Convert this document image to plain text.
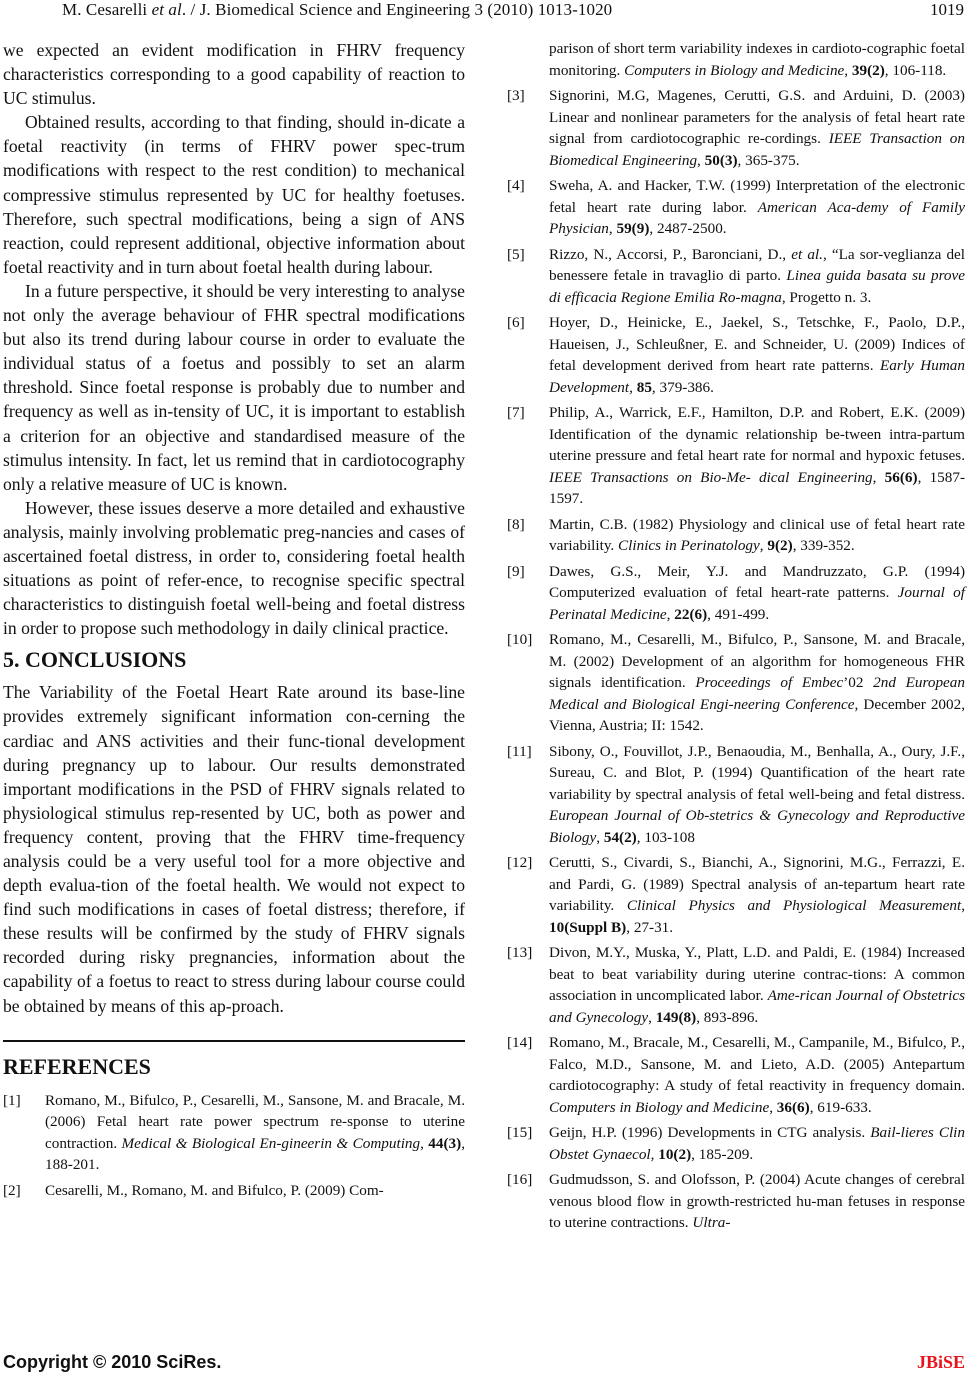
M. Cesarelli et al. / J. Biomedical Science and Engineering 3 (2010) 1013-1020	1019

we expected an evident modification in FHRV frequency characteristics corresponding to a good capability of reaction to UC stimulus.

Obtained results, according to that finding, should in-dicate a foetal reactivity (in terms of FHRV power spec-trum modifications with respect to the rest condition) to mechanical compressive stimulus represented by UC for healthy foetuses. Therefore, such spectral modifications, being a sign of ANS reaction, could represent additional, objective information about foetal reactivity and in turn about foetal health during labour.

In a future perspective, it should be very interesting to analyse not only the average behaviour of FHR spectral modifications but also its trend during labour course in order to evaluate the individual status of a foetus and possibly to set an alarm threshold. Since foetal response is probably due to number and frequency as well as in-tensity of UC, it is important to establish a criterion for an objective and standardised measure of the stimulus intensity. In fact, let us remind that in cardiotocography only a relative measure of UC is known.

However, these issues deserve a more detailed and exhaustive analysis, mainly involving problematic preg-nancies and cases of ascertained foetal distress, in order to, considering foetal health situations as point of refer-ence, to recognise specific spectral characteristics to distinguish foetal well-being and foetal distress in order to propose such methodology in daily clinical practice.

5. CONCLUSIONS

The Variability of the Foetal Heart Rate around its base-line provides extremely significant information con-cerning the cardiac and ANS activities and their func-tional development during pregnancy up to labour. Our results demonstrated important modifications in the PSD of FHRV signals related to physiological stimulus rep-resented by UC, both as power and frequency content, proving that the FHRV time-frequency analysis could be a very useful tool for a more objective and depth evalua-tion of the foetal health. We would not expect to find such modifications in cases of foetal distress; therefore, if these results will be confirmed by the study of FHRV signals recorded during risky pregnancies, information about the capability of a foetus to react to stress during labour course could be obtained by means of this ap-proach.

REFERENCES
[1]	Romano, M., Bifulco, P., Cesarelli, M., Sansone, M. and Bracale, M. (2006) Fetal heart rate power spectrum re-sponse to uterine contraction. Medical & Biological En-gineerin & Computing, 44(3), 188-201.
[2]	Cesarelli, M., Romano, M. and Bifulco, P. (2009) Com-
parison of short term variability indexes in cardioto-cographic foetal monitoring. Computers in Biology and Medicine, 39(2), 106-118.
[3]	Signorini, M.G, Magenes, Cerutti, G.S. and Arduini, D. (2003) Linear and nonlinear parameters for the analysis of fetal heart rate signal from cardiotocographic re-cordings. IEEE Transaction on Biomedical Engineering, 50(3), 365-375.
[4]	Sweha, A. and Hacker, T.W. (1999) Interpretation of the electronic fetal heart rate during labor. American Aca-demy of Family Physician, 59(9), 2487-2500.
[5]	Rizzo, N., Accorsi, P., Baronciani, D., et al., “La sor-veglianza del benessere fetale in travaglio di parto. Linea guida basata su prove di efficacia Regione Emilia Ro-magna, Progetto n. 3.
[6]	Hoyer, D., Heinicke, E., Jaekel, S., Tetschke, F., Paolo, D.P., Haueisen, J., Schleußner, E. and Schneider, U. (2009) Indices of fetal development derived from heart rate patterns. Early Human Development, 85, 379-386.
[7]	Philip, A., Warrick, E.F., Hamilton, D.P. and Robert, E.K. (2009) Identification of the dynamic relationship be-tween intra-partum uterine pressure and fetal heart rate for normal and hypoxic fetuses. IEEE Transactions on Bio-Me- dical Engineering, 56(6), 1587-1597.
[8]	Martin, C.B. (1982) Physiology and clinical use of fetal heart rate variability. Clinics in Perinatology, 9(2), 339-352.
[9]	Dawes, G.S., Meir, Y.J. and Mandruzzato, G.P. (1994) Computerized evaluation of fetal heart-rate patterns. Journal of Perinatal Medicine, 22(6), 491-499.
[10]	Romano, M., Cesarelli, M., Bifulco, P., Sansone, M. and Bracale, M. (2002) Development of an algorithm for homogeneous FHR signals identification. Proceedings of Embec’02 2nd European Medical and Biological Engi-neering Conference, December 2002, Vienna, Austria; II: 1542.
[11]	Sibony, O., Fouvillot, J.P., Benaoudia, M., Benhalla, A., Oury, J.F., Sureau, C. and Blot, P. (1994) Quantification of the heart rate variability by spectral analysis of fetal well-being and fetal distress. European Journal of Ob-stetrics & Gynecology and Reproductive Biology, 54(2), 103-108
[12]	Cerutti, S., Civardi, S., Bianchi, A., Signorini, M.G., Ferrazzi, E. and Pardi, G. (1989) Spectral analysis of an-tepartum heart rate variability. Clinical Physics and Physiological Measurement, 10(Suppl B), 27-31.
[13]	Divon, M.Y., Muska, Y., Platt, L.D. and Paldi, E. (1984) Increased beat to beat variability during uterine contrac-tions: A common association in uncomplicated labor. Ame-rican Journal of Obstetrics and Gynecology, 149(8), 893-896.
[14]	Romano, M., Bracale, M., Cesarelli, M., Campanile, M., Bifulco, P., Falco, M.D., Sansone, M. and Lieto, A.D. (2005) Antepartum cardiotocography: A study of fetal reactivity in frequency domain. Computers in Biology and Medicine, 36(6), 619-633.
[15]	Geijn, H.P. (1996) Developments in CTG analysis. Bail-lieres Clin Obstet Gynaecol, 10(2), 185-209.
[16]	Gudmudsson, S. and Olofsson, P. (2004) Acute changes of cerebral venous blood flow in growth-restricted hu-man fetuses in response to uterine contractions. Ultra-
Copyright © 2010 SciRes.	JBiSE
